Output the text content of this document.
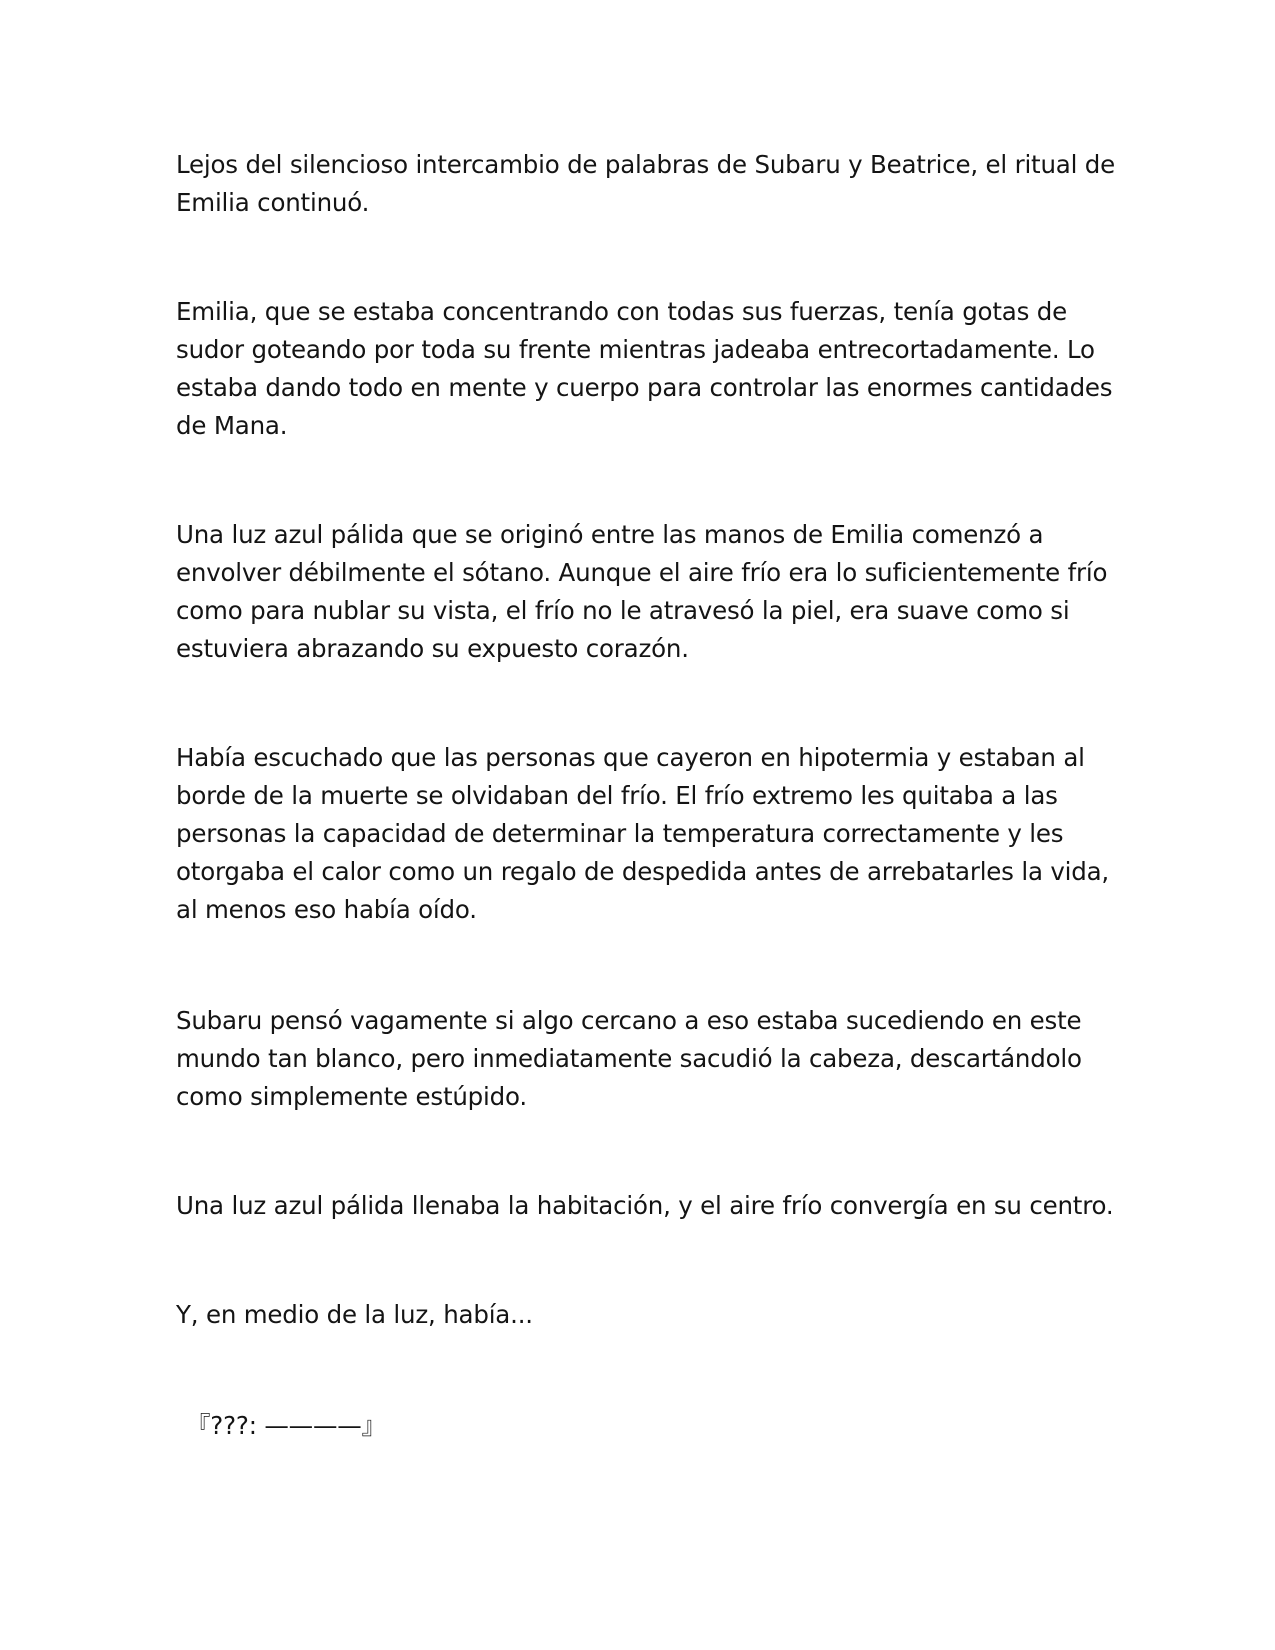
Lejos del silencioso intercambio de palabras de Subaru y Beatrice, el ritual de
Emilia continuó.

Emilia, que se estaba concentrando con todas sus fuerzas, tenía gotas de
sudor goteando por toda su frente mientras jadeaba entrecortadamente. Lo
estaba dando todo en mente y cuerpo para controlar las enormes cantidades
de Mana.

Una luz azul pálida que se originó entre las manos de Emilia comenzó a
envolver débilmente el sótano. Aunque el aire frío era lo suficientemente frío
como para nublar su vista, el frío no le atravesó la piel, era suave como si
estuviera abrazando su expuesto corazón.

Había escuchado que las personas que cayeron en hipotermia y estaban al
borde de la muerte se olvidaban del frío. El frío extremo les quitaba a las
personas la capacidad de determinar la temperatura correctamente y les
otorgaba el calor como un regalo de despedida antes de arrebatarles la vida,
al menos eso había oído.

Subaru pensó vagamente si algo cercano a eso estaba sucediendo en este
mundo tan blanco, pero inmediatamente sacudió la cabeza, descartándolo
como simplemente estúpido.

Una luz azul pálida llenaba la habitación, y el aire frío convergía en su centro.

Y, en medio de la luz, había...

『???: ————』
